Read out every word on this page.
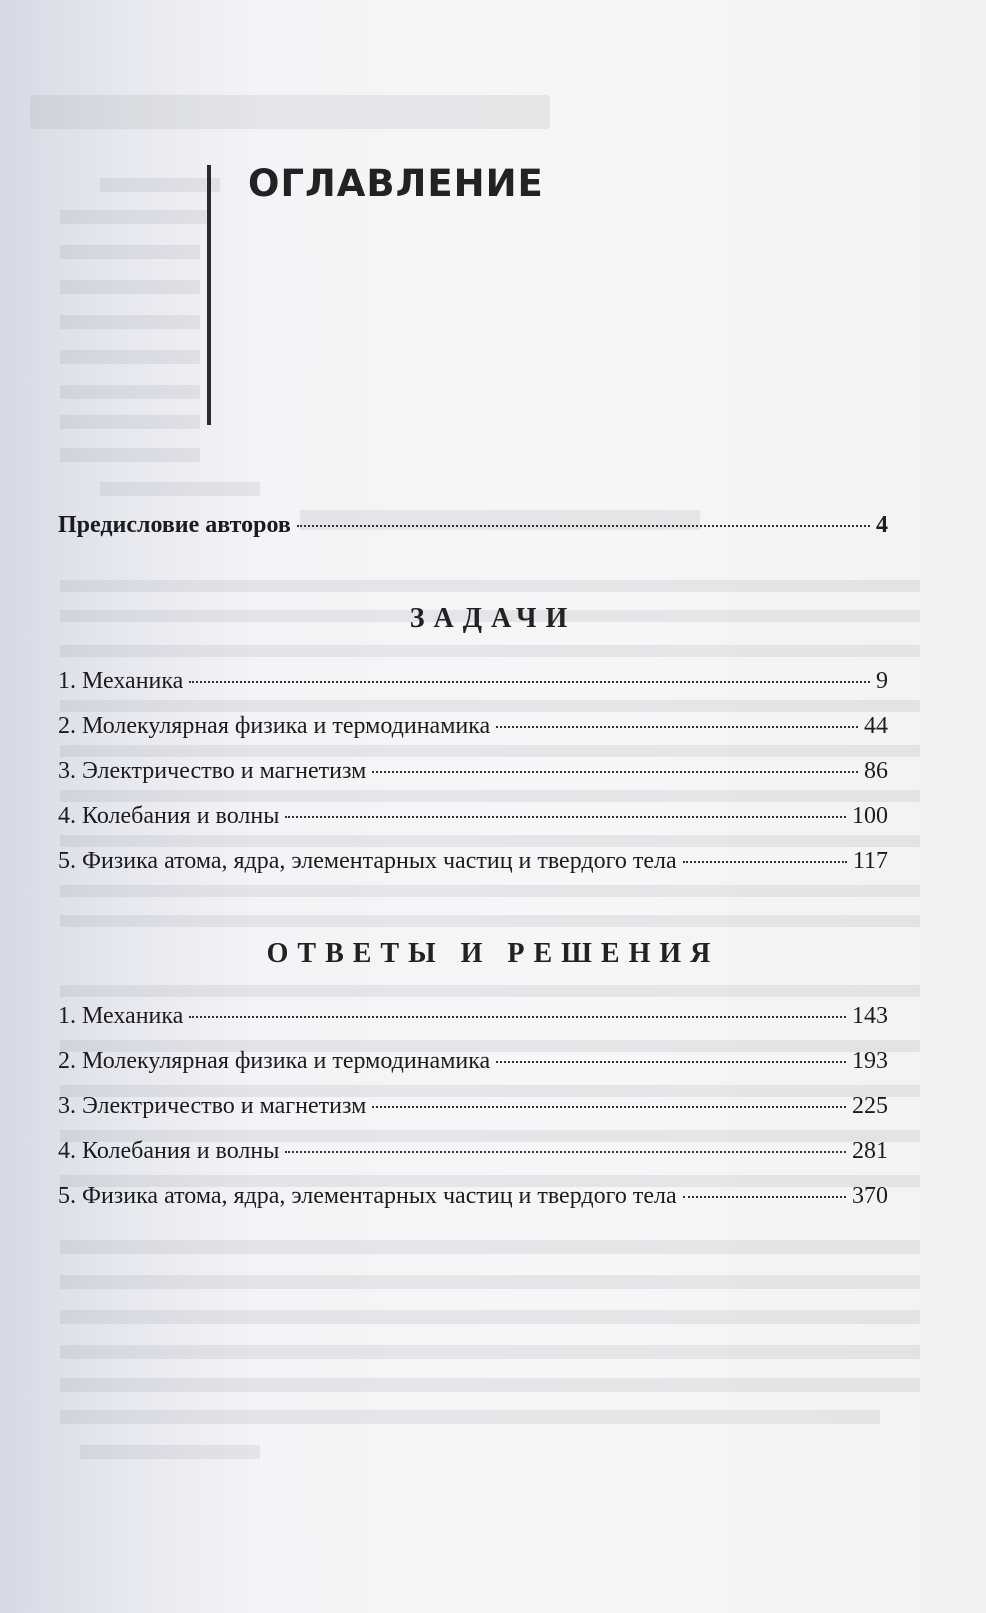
ОГЛАВЛЕНИЕ
Предисловие авторов	4
ЗАДАЧИ
1. Механика	9
2. Молекулярная физика и термодинамика	44
3. Электричество и магнетизм	86
4. Колебания и волны	100
5. Физика атома, ядра, элементарных частиц и твердого тела	117
ОТВЕТЫ И РЕШЕНИЯ
1. Механика	143
2. Молекулярная физика и термодинамика	193
3. Электричество и магнетизм	225
4. Колебания и волны	281
5. Физика атома, ядра, элементарных частиц и твердого тела	370
